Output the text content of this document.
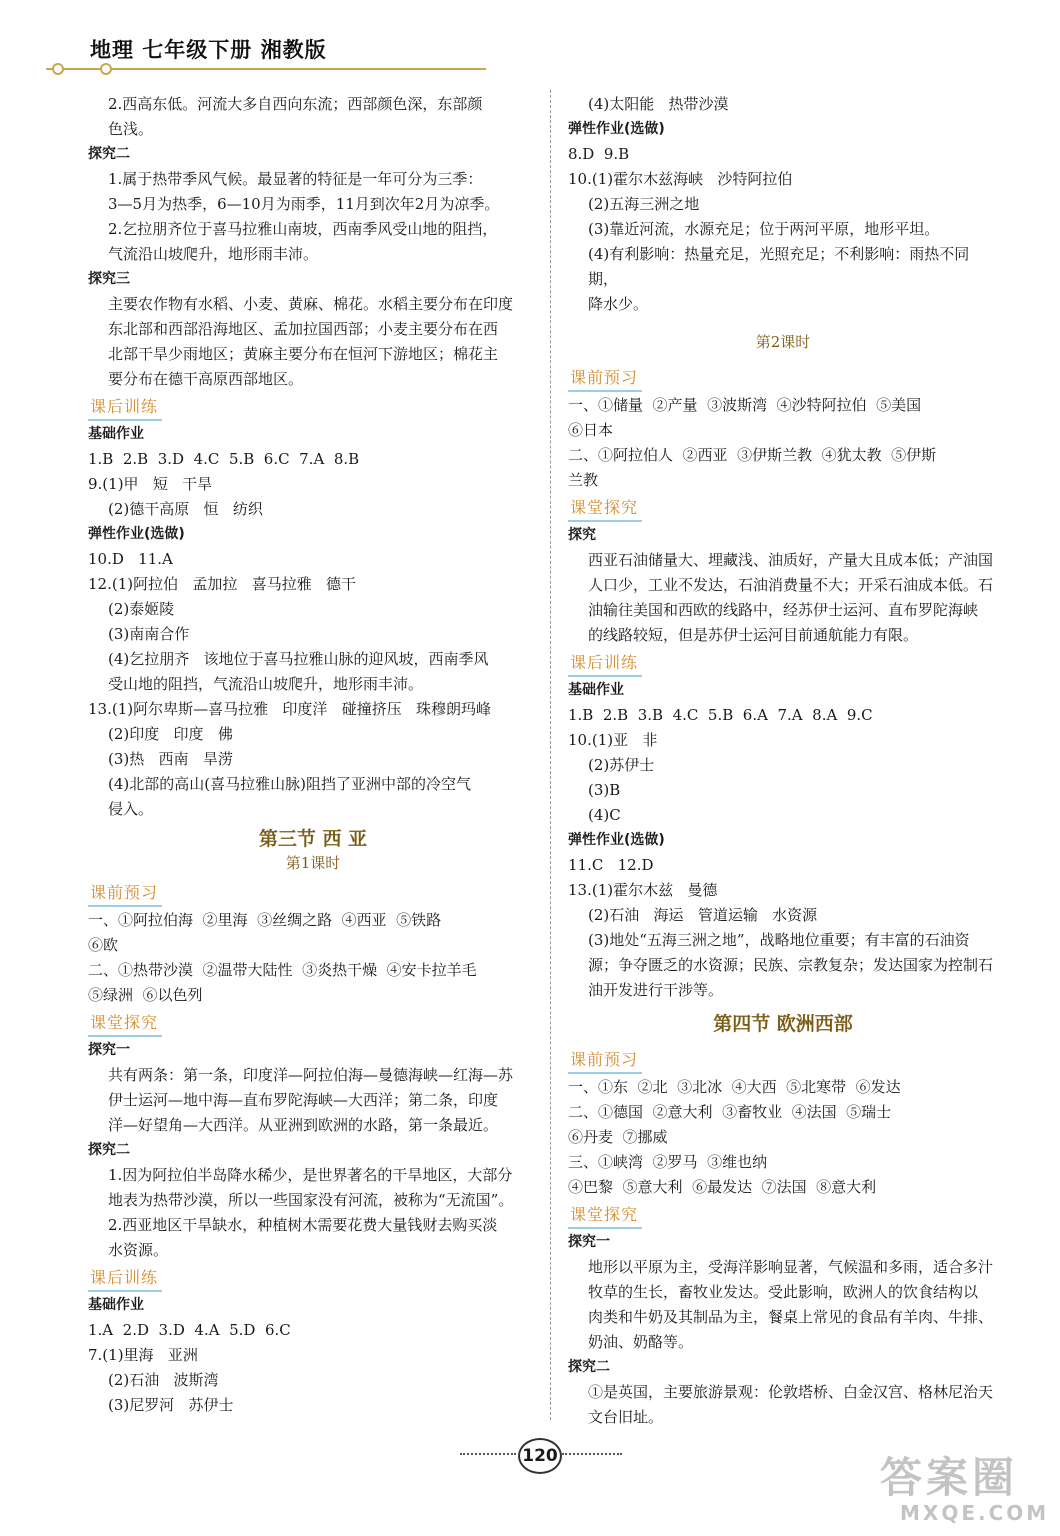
地理 七年级下册 湘教版

2.西高东低。河流大多自西向东流；西部颜色深，东部颜

色浅。

探究二

1.属于热带季风气候。最显著的特征是一年可分为三季：

3—5月为热季，6—10月为雨季，11月到次年2月为凉季。

2.乞拉朋齐位于喜马拉雅山南坡，西南季风受山地的阻挡，

气流沿山坡爬升，地形雨丰沛。

探究三

主要农作物有水稻、小麦、黄麻、棉花。水稻主要分布在印度

东北部和西部沿海地区、孟加拉国西部；小麦主要分布在西

北部干旱少雨地区；黄麻主要分布在恒河下游地区；棉花主

要分布在德干高原西部地区。

课后训练

基础作业

1.B  2.B  3.D  4.C  5.B  6.C  7.A  8.B

9.(1)甲   短   干旱

(2)德干高原   恒   纺织

弹性作业(选做)

10.D   11.A

12.(1)阿拉伯   孟加拉   喜马拉雅   德干

(2)泰姬陵

(3)南南合作

(4)乞拉朋齐   该地位于喜马拉雅山脉的迎风坡，西南季风

受山地的阻挡，气流沿山坡爬升，地形雨丰沛。

13.(1)阿尔卑斯—喜马拉雅   印度洋   碰撞挤压   珠穆朗玛峰

(2)印度   印度   佛

(3)热   西南   旱涝

(4)北部的高山(喜马拉雅山脉)阻挡了亚洲中部的冷空气

侵入。

第三节 西 亚

第1课时

课前预习

一、①阿拉伯海  ②里海  ③丝绸之路  ④西亚  ⑤铁路

⑥欧

二、①热带沙漠  ②温带大陆性  ③炎热干燥  ④安卡拉羊毛

⑤绿洲  ⑥以色列

课堂探究

探究一

共有两条：第一条，印度洋—阿拉伯海—曼德海峡—红海—苏

伊士运河—地中海—直布罗陀海峡—大西洋；第二条，印度

洋—好望角—大西洋。从亚洲到欧洲的水路，第一条最近。

探究二

1.因为阿拉伯半岛降水稀少，是世界著名的干旱地区，大部分

地表为热带沙漠，所以一些国家没有河流，被称为“无流国”。

2.西亚地区干旱缺水，种植树木需要花费大量钱财去购买淡

水资源。

课后训练

基础作业

1.A  2.D  3.D  4.A  5.D  6.C

7.(1)里海   亚洲

(2)石油   波斯湾

(3)尼罗河   苏伊士

(4)太阳能   热带沙漠

弹性作业(选做)

8.D  9.B

10.(1)霍尔木兹海峡   沙特阿拉伯

(2)五海三洲之地

(3)靠近河流，水源充足；位于两河平原，地形平坦。

(4)有利影响：热量充足，光照充足；不利影响：雨热不同期，

降水少。

第2课时

课前预习

一、①储量  ②产量  ③波斯湾  ④沙特阿拉伯  ⑤美国

⑥日本

二、①阿拉伯人  ②西亚  ③伊斯兰教  ④犹太教  ⑤伊斯

兰教

课堂探究

探究

西亚石油储量大、埋藏浅、油质好，产量大且成本低；产油国

人口少，工业不发达，石油消费量不大；开采石油成本低。石

油输往美国和西欧的线路中，经苏伊士运河、直布罗陀海峡

的线路较短，但是苏伊士运河目前通航能力有限。

课后训练

基础作业

1.B  2.B  3.B  4.C  5.B  6.A  7.A  8.A  9.C

10.(1)亚   非

(2)苏伊士

(3)B

(4)C

弹性作业(选做)

11.C   12.D

13.(1)霍尔木兹   曼德

(2)石油   海运   管道运输   水资源

(3)地处“五海三洲之地”，战略地位重要；有丰富的石油资

源；争夺匮乏的水资源；民族、宗教复杂；发达国家为控制石

油开发进行干涉等。

第四节 欧洲西部

课前预习

一、①东  ②北  ③北冰  ④大西  ⑤北寒带  ⑥发达

二、①德国  ②意大利  ③畜牧业  ④法国  ⑤瑞士

⑥丹麦  ⑦挪威

三、①峡湾  ②罗马  ③维也纳

④巴黎  ⑤意大利  ⑥最发达  ⑦法国  ⑧意大利

课堂探究

探究一

地形以平原为主，受海洋影响显著，气候温和多雨，适合多汁

牧草的生长，畜牧业发达。受此影响，欧洲人的饮食结构以

肉类和牛奶及其制品为主，餐桌上常见的食品有羊肉、牛排、

奶油、奶酪等。

探究二

①是英国，主要旅游景观：伦敦塔桥、白金汉宫、格林尼治天

文台旧址。

120	答案圈
MXQE.COM
